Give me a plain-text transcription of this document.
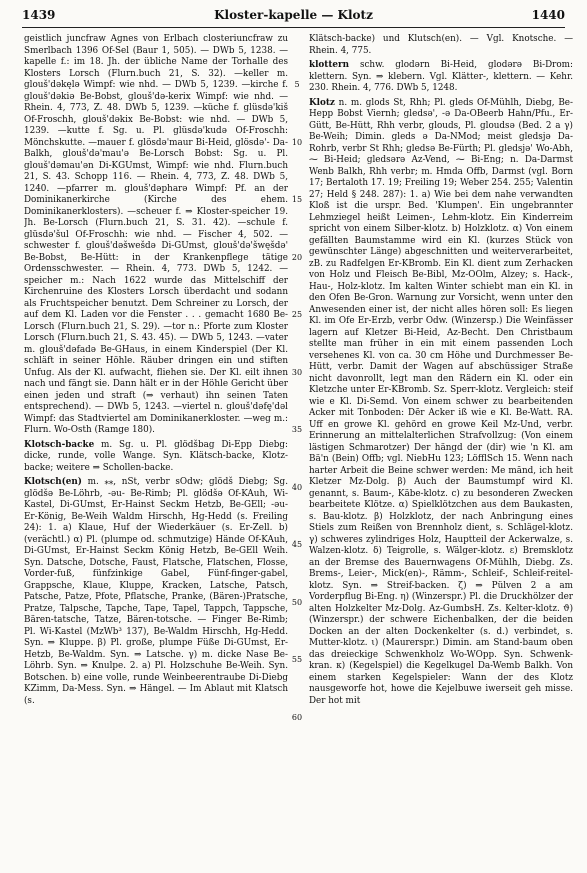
1439	Kloster-kapelle — Klotz	1440

geistlich juncfraw Agnes von Erlbach closteriuncfraw zu Smerlbach 1396 Of-Sel (Baur 1, 505). — DWb 5, 1238. —kapelle f.: im 18. Jh. der übliche Name der Torhalle des Klosters Lorsch (Flurn.buch 21, S. 32). —keller m. glouš'dǝkęlǝ Wimpf: wie nhd. — DWb 5, 1239. —kirche f. glouš'dǝkiǝ Be-Bobst, glouš'dǝ-kerix Wimpf: wie nhd. — Rhein. 4, 773, Z. 48. DWb 5, 1239. —küche f. glüsdǝ'kiš Of-Froschh, glouš'dǝkix Be-Bobst: wie nhd. — DWb 5, 1239. —kutte f. Sg. u. Pl. glüsdǝ'kudǝ Of-Froschh: Mönchskutte. —mauer f. glösdǝ'maur Bi-Heid, glösdǝ'- Da-Balkh, glouš'dǝ'mau'ǝ Be-Lorsch Bobst: Sg. u. Pl. glouš'dǝmau'ǝn Di-KGUmst, Wimpf: wie nhd. Flurn.buch 21, S. 43. Schopp 116. — Rhein. 4, 773, Z. 48. DWb 5, 1240. —pfarrer m. glouš'dǝpharǝ Wimpf: Pf. an der Dominikanerkirche (Kirche des ehem. Dominikanerklosters). —scheuer f. ⇒ Kloster-speicher 19. Jh. Be-Lorsch (Flurn.buch 21, S. 31. 42). —schule f. glüsdǝ'šul Of-Froschh: wie nhd. — Fischer 4, 502. —schwester f. glouš'dǝšwešdǝ Di-GUmst, glouš'dǝ'šwęšdǝ' Be-Bobst, Be-Hütt: in der Krankenpflege tätige Ordensschwester. — Rhein. 4, 773. DWb 5, 1242. —speicher m.: Nach 1622 wurde das Mittelschiff der Kirchenruine des Klosters Lorsch überdacht und sodann als Fruchtspeicher benutzt. Dem Schreiner zu Lorsch, der auf dem Kl. Laden vor die Fenster . . . gemacht 1680 Be-Lorsch (Flurn.buch 21, S. 29). —tor n.: Pforte zum Kloster Lorsch (Flurn.buch 21, S. 43. 45). — DWb 5, 1243. —vater m. glouš'dǝfadǝ Be-GHaus, in einem Kinderspiel (Der Kl. schläft in seiner Höhle. Räuber dringen ein und stiften Unfug. Als der Kl. aufwacht, fliehen sie. Der Kl. eilt ihnen nach und fängt sie. Dann hält er in der Höhle Gericht über einen jeden und straft (⇒ verhaut) ihn seinen Taten entsprechend). — DWb 5, 1243. —viertel n. glouš'dǝfę'dǝl Wimpf: das Stadtviertel am Dominikanerkloster. —weg m.: Flurn. Wo-Osth (Ramge 180).

Klotsch-backe m. Sg. u. Pl. glödšbag Di-Epp Diebg: dicke, runde, volle Wange. Syn. Klätsch-backe, Klotz-backe; weitere ⇒ Schollen-backe.

Klotsch(en) m. ⁎⁎, nSt, verbr sOdw; glödš Diebg; Sg. glödšǝ Be-Löhrb, -ǝu- Be-Rimb; Pl. glödšǝ Of-KAuh, Wi-Kastel, Di-GUmst, Er-Hainst Seckm Hetzb, Be-GEll; -ǝu- Er-König, Be-Weih Waldm Hirschh, Hg-Hedd (s. Freiling 24): 1. a) Klaue, Huf der Wiederkäuer (s. Er-Zell. b) (verächtl.) α) Pl. (plumpe od. schmutzige) Hände Of-KAuh, Di-GUmst, Er-Hainst Seckm König Hetzb, Be-GEll Weih. Syn. Datsche, Dotsche, Faust, Flatsche, Flatschen, Flosse, Vorder-fuß, fünfzinkige Gabel, Fünf-finger-gabel, Grappsche, Klaue, Kluppe, Kracken, Latsche, Patsch, Patsche, Patze, Pfote, Pflatsche, Pranke, (Bären-)Pratsche, Pratze, Talpsche, Tapche, Tape, Tapel, Tappch, Tappsche, Bären-tatsche, Tatze, Bären-totsche. — Finger Be-Rimb; Pl. Wi-Kastel (MzWb³ 137), Be-Waldm Hirschh, Hg-Hedd. Syn. ⇒ Kluppe. β) Pl. große, plumpe Füße Di-GUmst, Er-Hetzb, Be-Waldm. Syn. ⇒ Latsche. γ) m. dicke Nase Be-Löhrb. Syn. ⇒ Knulpe. 2. a) Pl. Holzschuhe Be-Weih. Syn. Botschen. b) eine volle, runde Weinbeerentraube Di-Diebg KZimm, Da-Mess. Syn. ⇒ Hängel. — Im Ablaut mit Klatsch (s.

5
10
15
20
25
30
35
40
45
50
55
60

Klätsch-backe) und Klutsch(en). — Vgl. Knotsche. — Rhein. 4, 775.

klottern schw. glodǝrn Bi-Heid, glodǝrǝ Bi-Drom: klettern. Syn. ⇒ klebern. Vgl. Klätter-, klettern. — Kehr. 230. Rhein. 4, 776. DWb 5, 1248.

Klotz n. m. glods St, Rhh; Pl. gleds Of-Mühlh, Diebg, Be-Hepp Bobst Viernh; gledsǝ', -ǝ Da-OBeerb Hahn/Pfu., Er-Gütt, Be-Hütt, Rhh verbr, glouds, Pl. gloudsǝ (Bed. 2 a γ) Be-Weih; Dimin. gleds ǝ Da-NMod; meist gledsjǝ Da-Rohrb, verbr St Rhh; gledsǝ Be-Fürth; Pl. gledsjǝ' Wo-Abh, ⁓ Bi-Heid; gledsǝrǝ Az-Vend, ⁓ Bi-Eng; n. Da-Darmst Wenb Balkh, Rhh verbr; m. Hmda Offb, Darmst (vgl. Born 17; Bertaloth 17. 19; Freiling 19; Weber 254. 255; Valentin 27; Held § 248. 287): 1. a) Wie bei dem nahe verwandten Kloß ist die urspr. Bed. 'Klumpen'. Ein ungebrannter Lehmziegel heißt Leimen-, Lehm-klotz. Ein Kinderreim spricht von einem Silber-klotz. b) Holzklotz. α) Von einem gefällten Baumstamme wird ein Kl. (kurzes Stück von gewünschter Länge) abgeschnitten und weiterverarbeitet, zB. zu Radfelgen Er-KBromb. Ein Kl. dient zum Zerhacken von Holz und Fleisch Be-Bibl, Mz-OOlm, Alzey; s. Hack-, Hau-, Holz-klotz. Im kalten Winter schiebt man ein Kl. in den Ofen Be-Gron. Warnung zur Vorsicht, wenn unter den Anwesenden einer ist, der nicht alles hören soll: Es liegen Kl. im Ofe Er-Erzb, verbr Odw. (Winzersp.) Die Weinfässer lagern auf Kletzer Bi-Heid, Az-Becht. Den Christbaum stellte man früher in ein mit einem passenden Loch versehenes Kl. von ca. 30 cm Höhe und Durchmesser Be-Hütt, verbr. Damit der Wagen auf abschüssiger Straße nicht davonrollt, legt man den Rädern ein Kl. oder ein Kletzche unter Er-KBromb. Sz. Sperr-klotz. Vergleich: steif wie e Kl. Di-Semd. Von einem schwer zu bearbeitenden Acker mit Tonboden: Dēr Acker iß wie e Kl. Be-Watt. RA. Uff en growe Kl. gehörd en growe Keil Mz-Und, verbr. Erinnerung an mittelalterlichen Strafvollzug: (Von einem lästigen Schmarotzer) Der hängd der (dir) wie 'n Kl. am Bä'n (Bein) Offb; vgl. NiebHu 123; LöfflSch 15. Wenn nach harter Arbeit die Beine schwer werden: Me mānd, ich heit Kletzer Mz-Dolg. β) Auch der Baumstumpf wird Kl. genannt, s. Baum-, Käbe-klotz. c) zu besonderen Zwecken bearbeitete Klötze. α) Spielklötzchen aus dem Baukasten, s. Bau-klotz. β) Holzklotz, der nach Anbringung eines Stiels zum Reißen von Brennholz dient, s. Schlägel-klotz. γ) schweres zylindriges Holz, Hauptteil der Ackerwalze, s. Walzen-klotz. δ) Teigrolle, s. Wälger-klotz. ε) Bremsklotz an der Bremse des Bauernwagens Of-Mühlh, Diebg. Zs. Brems-, Leier-, Mick(en)-, Rämm-, Schleif-, Schleif-reitel-klotz. Syn. ⇒ Streif-backen. ζ) ⇒ Pülven 2 a am Vorderpflug Bi-Eng. η) (Winzerspr.) Pl. die Druckhölzer der alten Holzkelter Mz-Dolg. Az-GumbsH. Zs. Kelter-klotz. ϑ) (Winzerspr.) der schwere Eichenbalken, der die beiden Docken an der alten Dockenkelter (s. d.) verbindet, s. Mutter-klotz. ι) (Maurerspr.) Dimin. am Stand-baum oben das dreieckige Schwenkholz Wo-WOpp. Syn. Schwenk-kran. κ) (Kegelspiel) die Kegelkugel Da-Wemb Balkh. Von einem starken Kegelspieler: Wann der des Klotz nausgeworfe hot, howe die Kejelbuwe iwerseit geh misse. Der hot mit
